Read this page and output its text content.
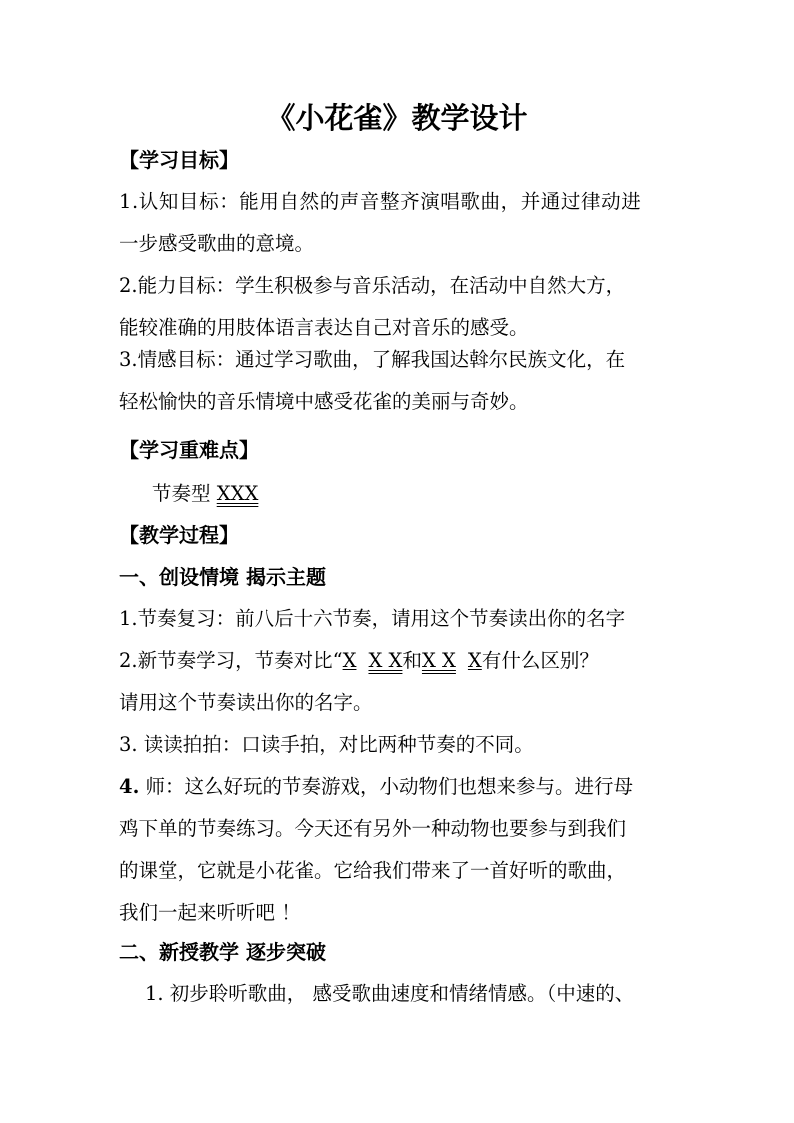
《小花雀》教学设计
【学习目标】
1.认知目标：能用自然的声音整齐演唱歌曲，并通过律动进
一步感受歌曲的意境。
2.能力目标：学生积极参与音乐活动，在活动中自然大方，
能较准确的用肢体语言表达自己对音乐的感受。
3.情感目标：通过学习歌曲，了解我国达斡尔民族文化，在
轻松愉快的音乐情境中感受花雀的美丽与奇妙。
【学习重难点】
节奏型 XXX
【教学过程】
一、创设情境 揭示主题
1.节奏复习：前八后十六节奏，请用这个节奏读出你的名字
2.新节奏学习，节奏对比“X X X和X X X有什么区别？
请用这个节奏读出你的名字。
3. 读读拍拍：口读手拍，对比两种节奏的不同。
4. 师：这么好玩的节奏游戏，小动物们也想来参与。进行母
鸡下单的节奏练习。今天还有另外一种动物也要参与到我们
的课堂，它就是小花雀。它给我们带来了一首好听的歌曲，
我们一起来听听吧 ！
二、新授教学 逐步突破
1. 初步聆听歌曲， 感受歌曲速度和情绪情感。（中速的、
